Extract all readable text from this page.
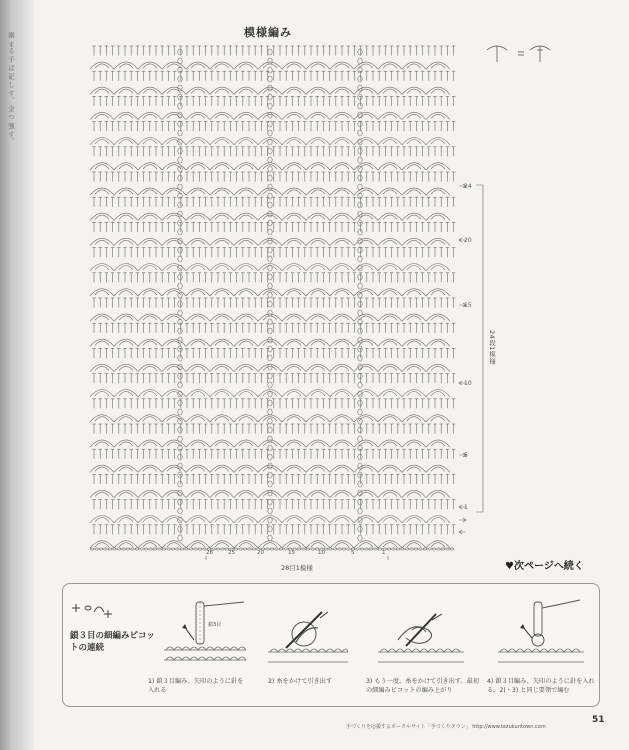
園 まる 手 ば 記 し す。 金 つ 強 す。	模様編み
24
20
15
10
5
1
24段1模様
28	25	20	15	10	5	1
28目1模様	♥次ページへ続く
鎖３目の細編みピコットの連続
鎖3目
1) 鎖３目編み、矢印のように針を入れる
2) 糸をかけて引き出す	3) もう一度、糸をかけて引き出す。最初の細編みピコットの編み上がり
4) 鎖３目編み、矢印のように針を入れる。2)・3) と同じ要領で編む
手づくりを応援するポータルサイト「手づくりタウン」 http://www.tezukuritown.com
51
